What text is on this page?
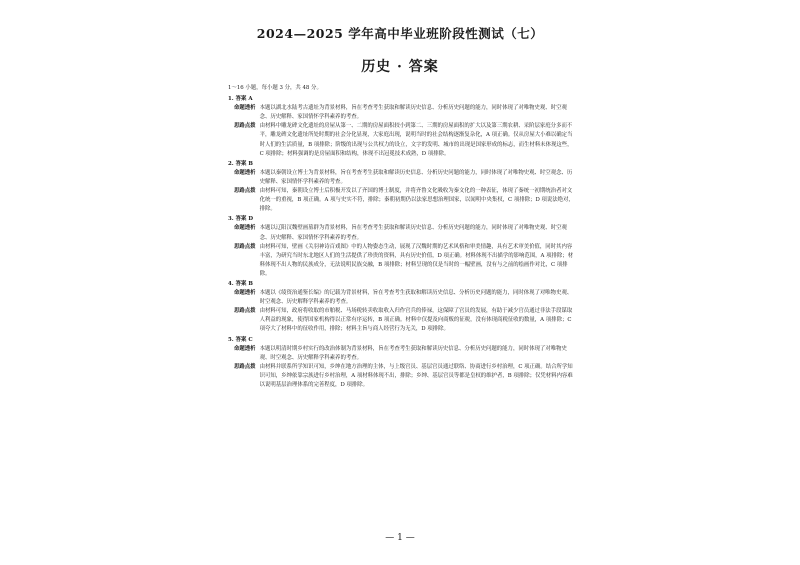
2024—2025 学年高中毕业班阶段性测试（七）
历史 · 答案
1～16 小题，每小题 3 分，共 48 分。
1. 答案 A
命题透析 本题以湖北水陆考古遗址为背景材料，旨在考查考生获取和解读历史信息、分析历史问题的能力，同时体现了对唯物史观、时空观念、历史解释、家国情怀学科素养的考查。
思路点拨 由材料中雕龙碑文化遗址的房屋从第一、二期的房屋面积较小到第二、三期的房屋面积的扩大以及第三期农耕、采阶层家庭分多而不平，雕龙碑文化遗址所处时期的社会分化显现，大家庭出现，说明当时的社会结构逐渐复杂化，A 项正确。仅从房屋大小难以确定当时人们的生活质量，B 项排除；阶级的出现与公共权力的设立，文字的发明、城市的出现是国家形成的标志，而生材料未体现这些，C 项排除；材料强调的是房屋面积和结构，体现不出冠冕技术成熟，D 项排除。
2. 答案 B
命题透析 本题以秦朝设立博士为背景材料，旨在考查考生获取和解读历史信息、分析历史问题的能力，同时体现了对唯物史观、时空观念、历史解释、家国情怀学科素养的考查。
思路点拨 由材料可知，秦朝设立博士后积极开发以了齐国的博士制度，并将齐鲁文化吸收为秦文化的一种表征，体现了秦统一初期统治者对文化统一的重视，B 项正确。A 项与史实不符，排除；秦朝初期仍以法家思想治理国家，以闻明中央集权，C 项排除；D 项说法绝对，排除。
3. 答案 D
命题透析 本题以辽阳汉魏壁画墓群为背景材料，旨在考查考生获取和解读历史信息、分析历史问题的能力，同时体现了对唯物史观、时空观念、历史解释、家国情怀学科素养的考查。
思路点拨 由材料可知，壁画《关羽神诗百戏图》中的人物姿态生动，展现了汉魏时期的艺术风格和审美情趣，具有艺术审美价值，同时其内容丰富，为研究当时东北地区人们的生活提供了珍贵的资料，具有历史价值，D 项正确。材料体现不出描学的影响范围，A 项排除；材料体现不出人物的民族成分，无法说明民族交融，B 项排除；材料呈现的仅是当时的一幅壁画，没有与之前的绘画作对比，C 项排除。
4. 答案 B
命题透析 本题以《绫资治通鉴长编》的记载为背景材料，旨在考查考生获取和解读历史信息、分析历史问题的能力，同时体现了对唯物史观、时空观念、历史解释学科素养的考查。
思路点拨 由材料可知，政府将收取的市舶税、马场税转卖收取收入归作官兵的俸禄，这保障了官员的发展，有助于减少官员通过非法手段谋取人利益的现象，使得国家机构得以正常有序运转，B 项正确。材料中仅提及向商贩的征税，没有体现商税征收的数量，A 项排除；C 项夸大了材料中的征收作用，排除；材料主旨与商人经营行为无关，D 项排除。
5. 答案 C
命题透析 本题以明清时期乡村实行的改治体制为背景材料，旨在考查考生获取和解读历史信息、分析历史问题的能力，同时体现了对唯物史观、时空观念、历史解释学科素养的考查。
思路点拨 由材料并联系所学知识可知，乡绅在地方治理的主体，与上级官员、基层官员通过联络、协商进行乡村治理，C 项正确。结合所学知识可知，乡绅依靠宗族进行乡村治理，A 项材料体现不出，排除；乡绅、基层官员等都是皇权的维护者，B 项排除；仅凭材料内容难以说明基层治理体系的完善程度，D 项排除。
— 1 —
